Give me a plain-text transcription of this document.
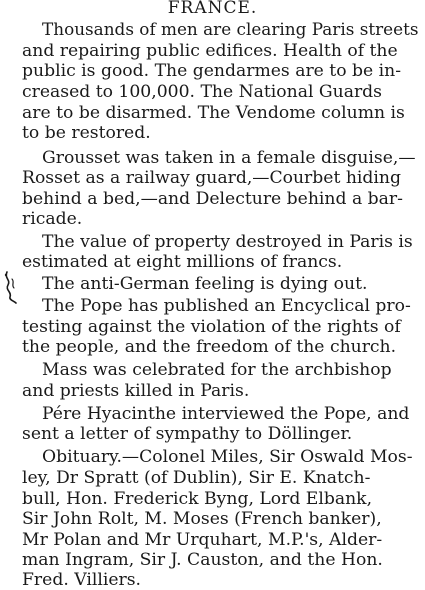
FRANCE.
Thousands of men are clearing Paris streets
and repairing public edifices. Health of the
public is good. The gendarmes are to be in-
creased to 100,000. The National Guards
are to be disarmed. The Vendome column is
to be restored.
Grousset was taken in a female disguise,—
Rosset as a railway guard,—Courbet hiding
behind a bed,—and Delecture behind a bar-
ricade.
The value of property destroyed in Paris is
estimated at eight millions of francs.
The anti-German feeling is dying out.
The Pope has published an Encyclical pro-
testing against the violation of the rights of
the people, and the freedom of the church.
Mass was celebrated for the archbishop
and priests killed in Paris.
Pére Hyacinthe interviewed the Pope, and
sent a letter of sympathy to Döllinger.
Obituary.—Colonel Miles, Sir Oswald Mos-
ley, Dr Spratt (of Dublin), Sir E. Knatch-
bull, Hon. Frederick Byng, Lord Elbank,
Sir John Rolt, M. Moses (French banker),
Mr Polan and Mr Urquhart, M.P.'s, Alder-
man Ingram, Sir J. Causton, and the Hon.
Fred. Villiers.
